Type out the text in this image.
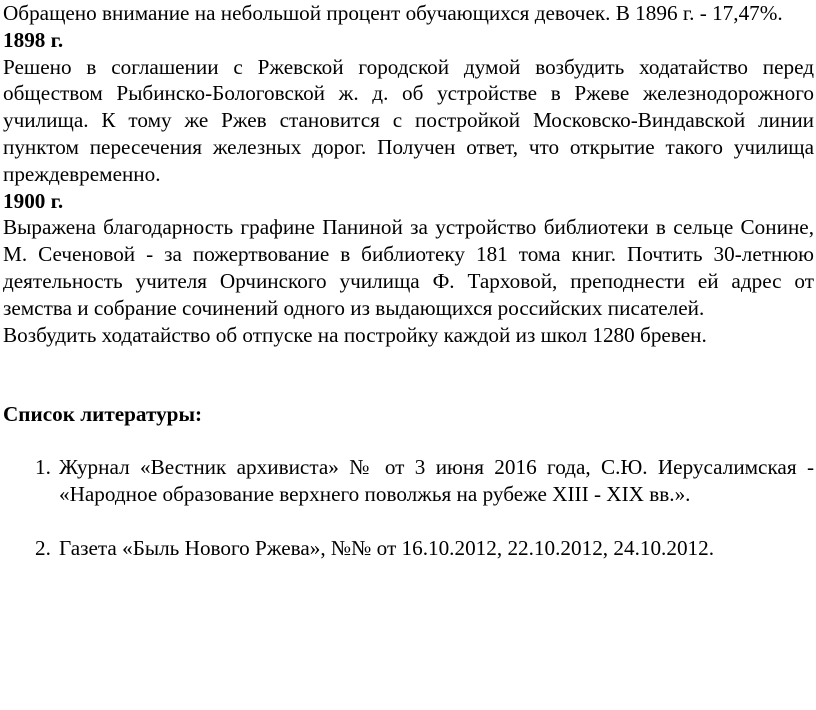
Обращено внимание на небольшой процент обучающихся девочек. В 1896 г. - 17,47%.

1898 г.

Решено в соглашении с Ржевской городской думой возбудить ходатайство перед обществом Рыбинско-Бологовской ж. д. об устройстве в Ржеве железнодорожного училища. К тому же Ржев становится с постройкой Московско-Виндавской линии пунктом пересечения железных дорог. Получен ответ, что открытие такого училища преждевременно.

1900 г.

Выражена благодарность графине Паниной за устройство библиотеки в сельце Сонине, М. Сеченовой - за пожертвование в библиотеку 181 тома книг. Почтить 30-летнюю деятельность учителя Орчинского училища Ф. Тарховой, преподнести ей адрес от земства и собрание сочинений одного из выдающихся российских писателей.

Возбудить ходатайство об отпуске на постройку каждой из школ 1280 бревен.

Список литературы:

1. Журнал «Вестник архивиста» № от 3 июня 2016 года, С.Ю. Иерусалимская - «Народное образование верхнего поволжья на рубеже XIII - XIX вв.».
2. Газета «Быль Нового Ржева», №№ от 16.10.2012, 22.10.2012, 24.10.2012.
